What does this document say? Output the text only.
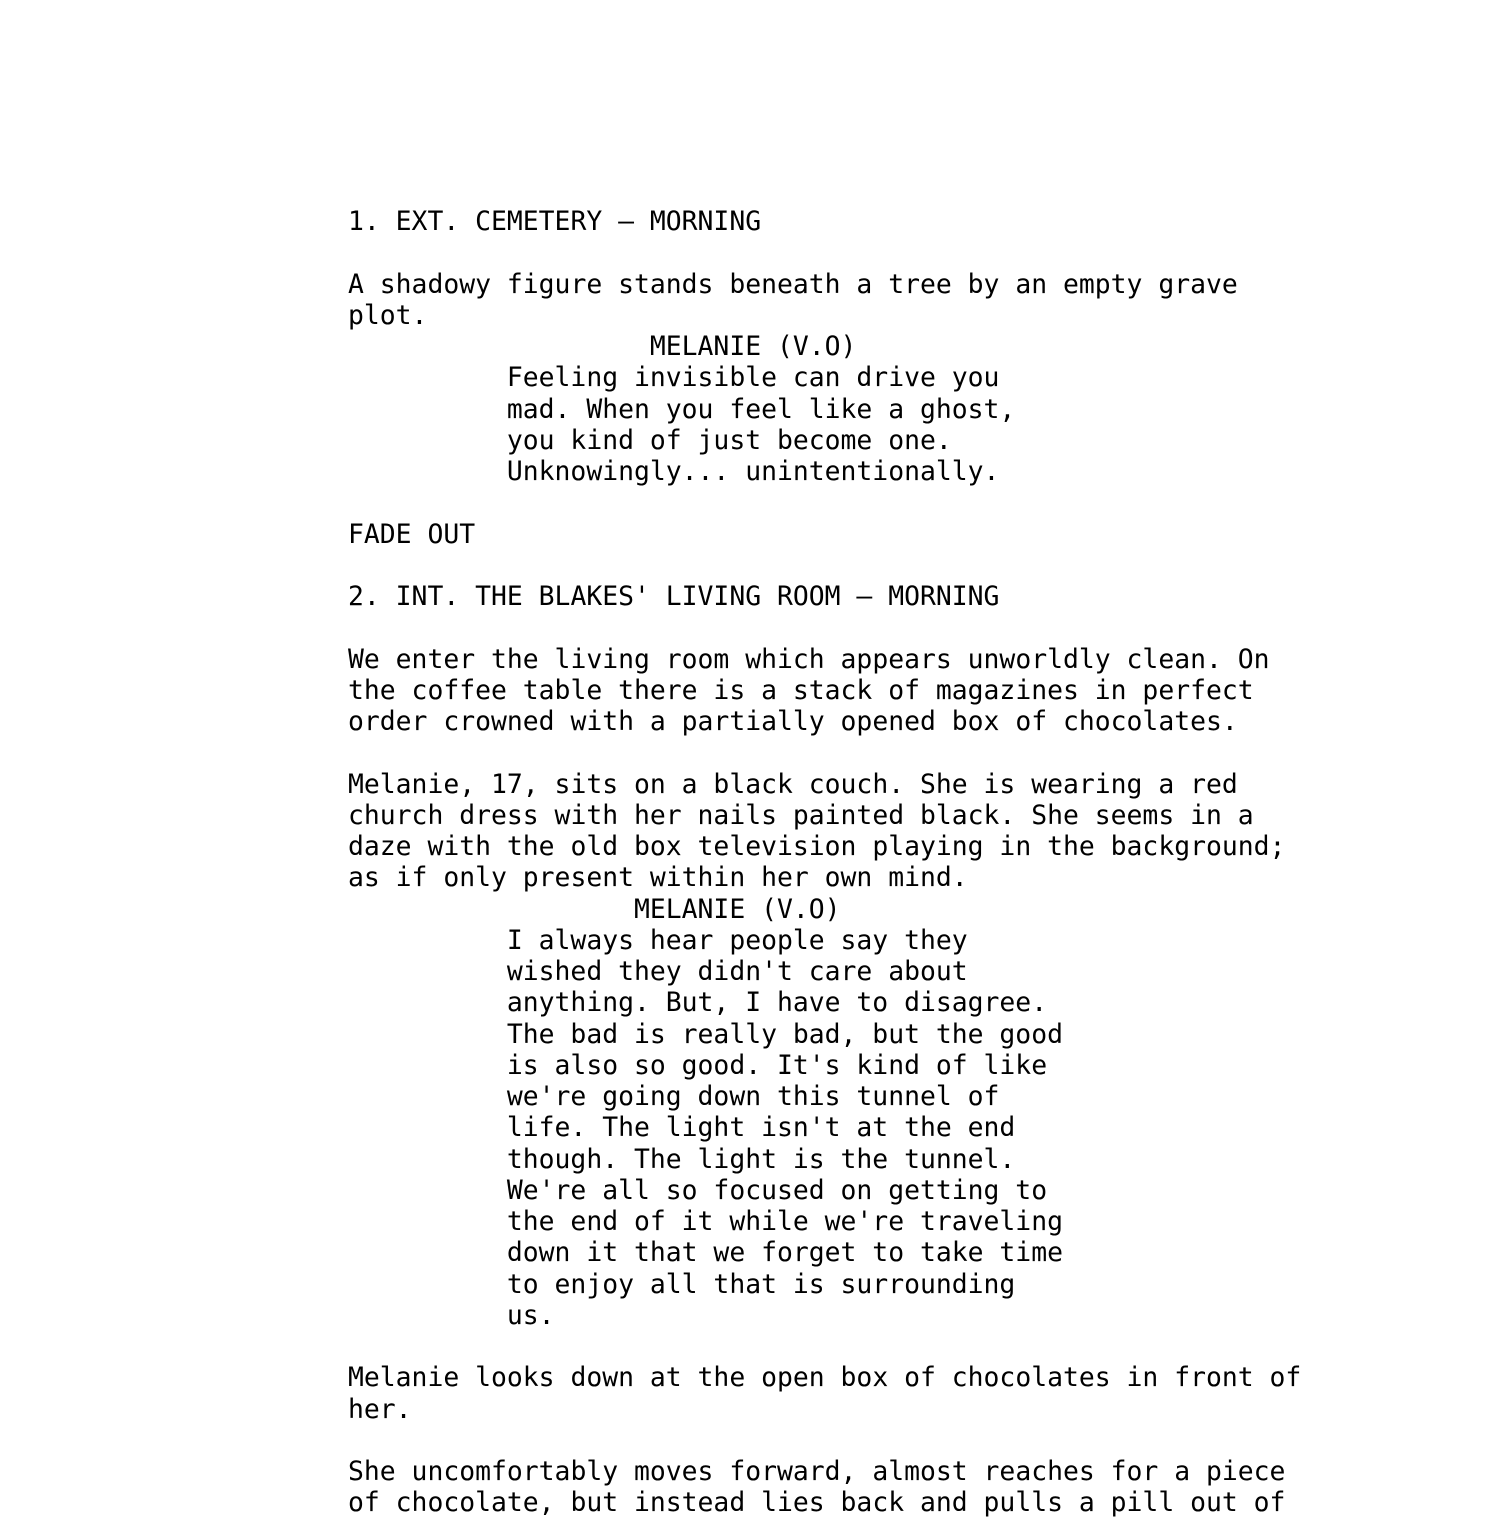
1. EXT. CEMETERY – MORNING
A shadowy figure stands beneath a tree by an empty grave
plot.
MELANIE (V.O)
Feeling invisible can drive you
mad. When you feel like a ghost,
you kind of just become one.
Unknowingly... unintentionally.
FADE OUT
2. INT. THE BLAKES' LIVING ROOM – MORNING
We enter the living room which appears unworldly clean. On
the coffee table there is a stack of magazines in perfect
order crowned with a partially opened box of chocolates.
Melanie, 17, sits on a black couch. She is wearing a red
church dress with her nails painted black. She seems in a
daze with the old box television playing in the background;
as if only present within her own mind.
MELANIE (V.O)
I always hear people say they
wished they didn't care about
anything. But, I have to disagree.
The bad is really bad, but the good
is also so good. It's kind of like
we're going down this tunnel of
life. The light isn't at the end
though. The light is the tunnel.
We're all so focused on getting to
the end of it while we're traveling
down it that we forget to take time
to enjoy all that is surrounding
us.
Melanie looks down at the open box of chocolates in front of
her.
She uncomfortably moves forward, almost reaches for a piece
of chocolate, but instead lies back and pulls a pill out of
